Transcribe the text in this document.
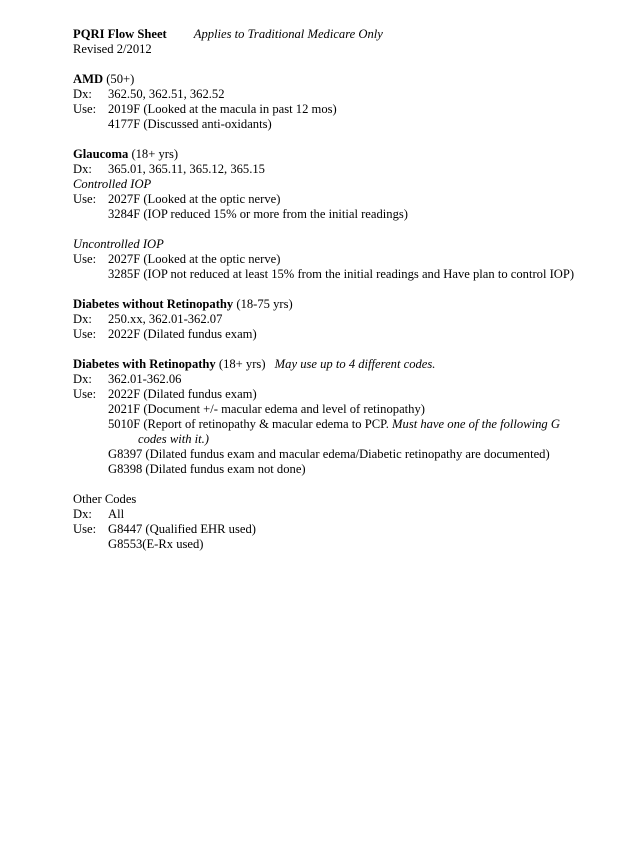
PQRI Flow Sheet Applies to Traditional Medicare Only
Revised 2/2012
AMD (50+)
Dx:	362.50, 362.51, 362.52
Use: 2019F (Looked at the macula in past 12 mos)
4177F (Discussed anti-oxidants)
Glaucoma (18+ yrs)
Dx:	365.01, 365.11, 365.12, 365.15
Controlled IOP
Use: 2027F (Looked at the optic nerve)
3284F (IOP reduced 15% or more from the initial readings)
Uncontrolled IOP
Use: 2027F (Looked at the optic nerve)
3285F (IOP not reduced at least 15% from the initial readings and Have plan to control IOP)
Diabetes without Retinopathy (18-75 yrs)
Dx:	250.xx, 362.01-362.07
Use: 2022F (Dilated fundus exam)
Diabetes with Retinopathy (18+ yrs) May use up to 4 different codes.
Dx:	362.01-362.06
Use: 2022F (Dilated fundus exam)
2021F (Document +/- macular edema and level of retinopathy)
5010F (Report of retinopathy & macular edema to PCP. Must have one of the following G codes with it.)
G8397 (Dilated fundus exam and macular edema/Diabetic retinopathy are documented)
G8398 (Dilated fundus exam not done)
Other Codes
Dx:	All
Use: G8447 (Qualified EHR used)
G8553(E-Rx used)
